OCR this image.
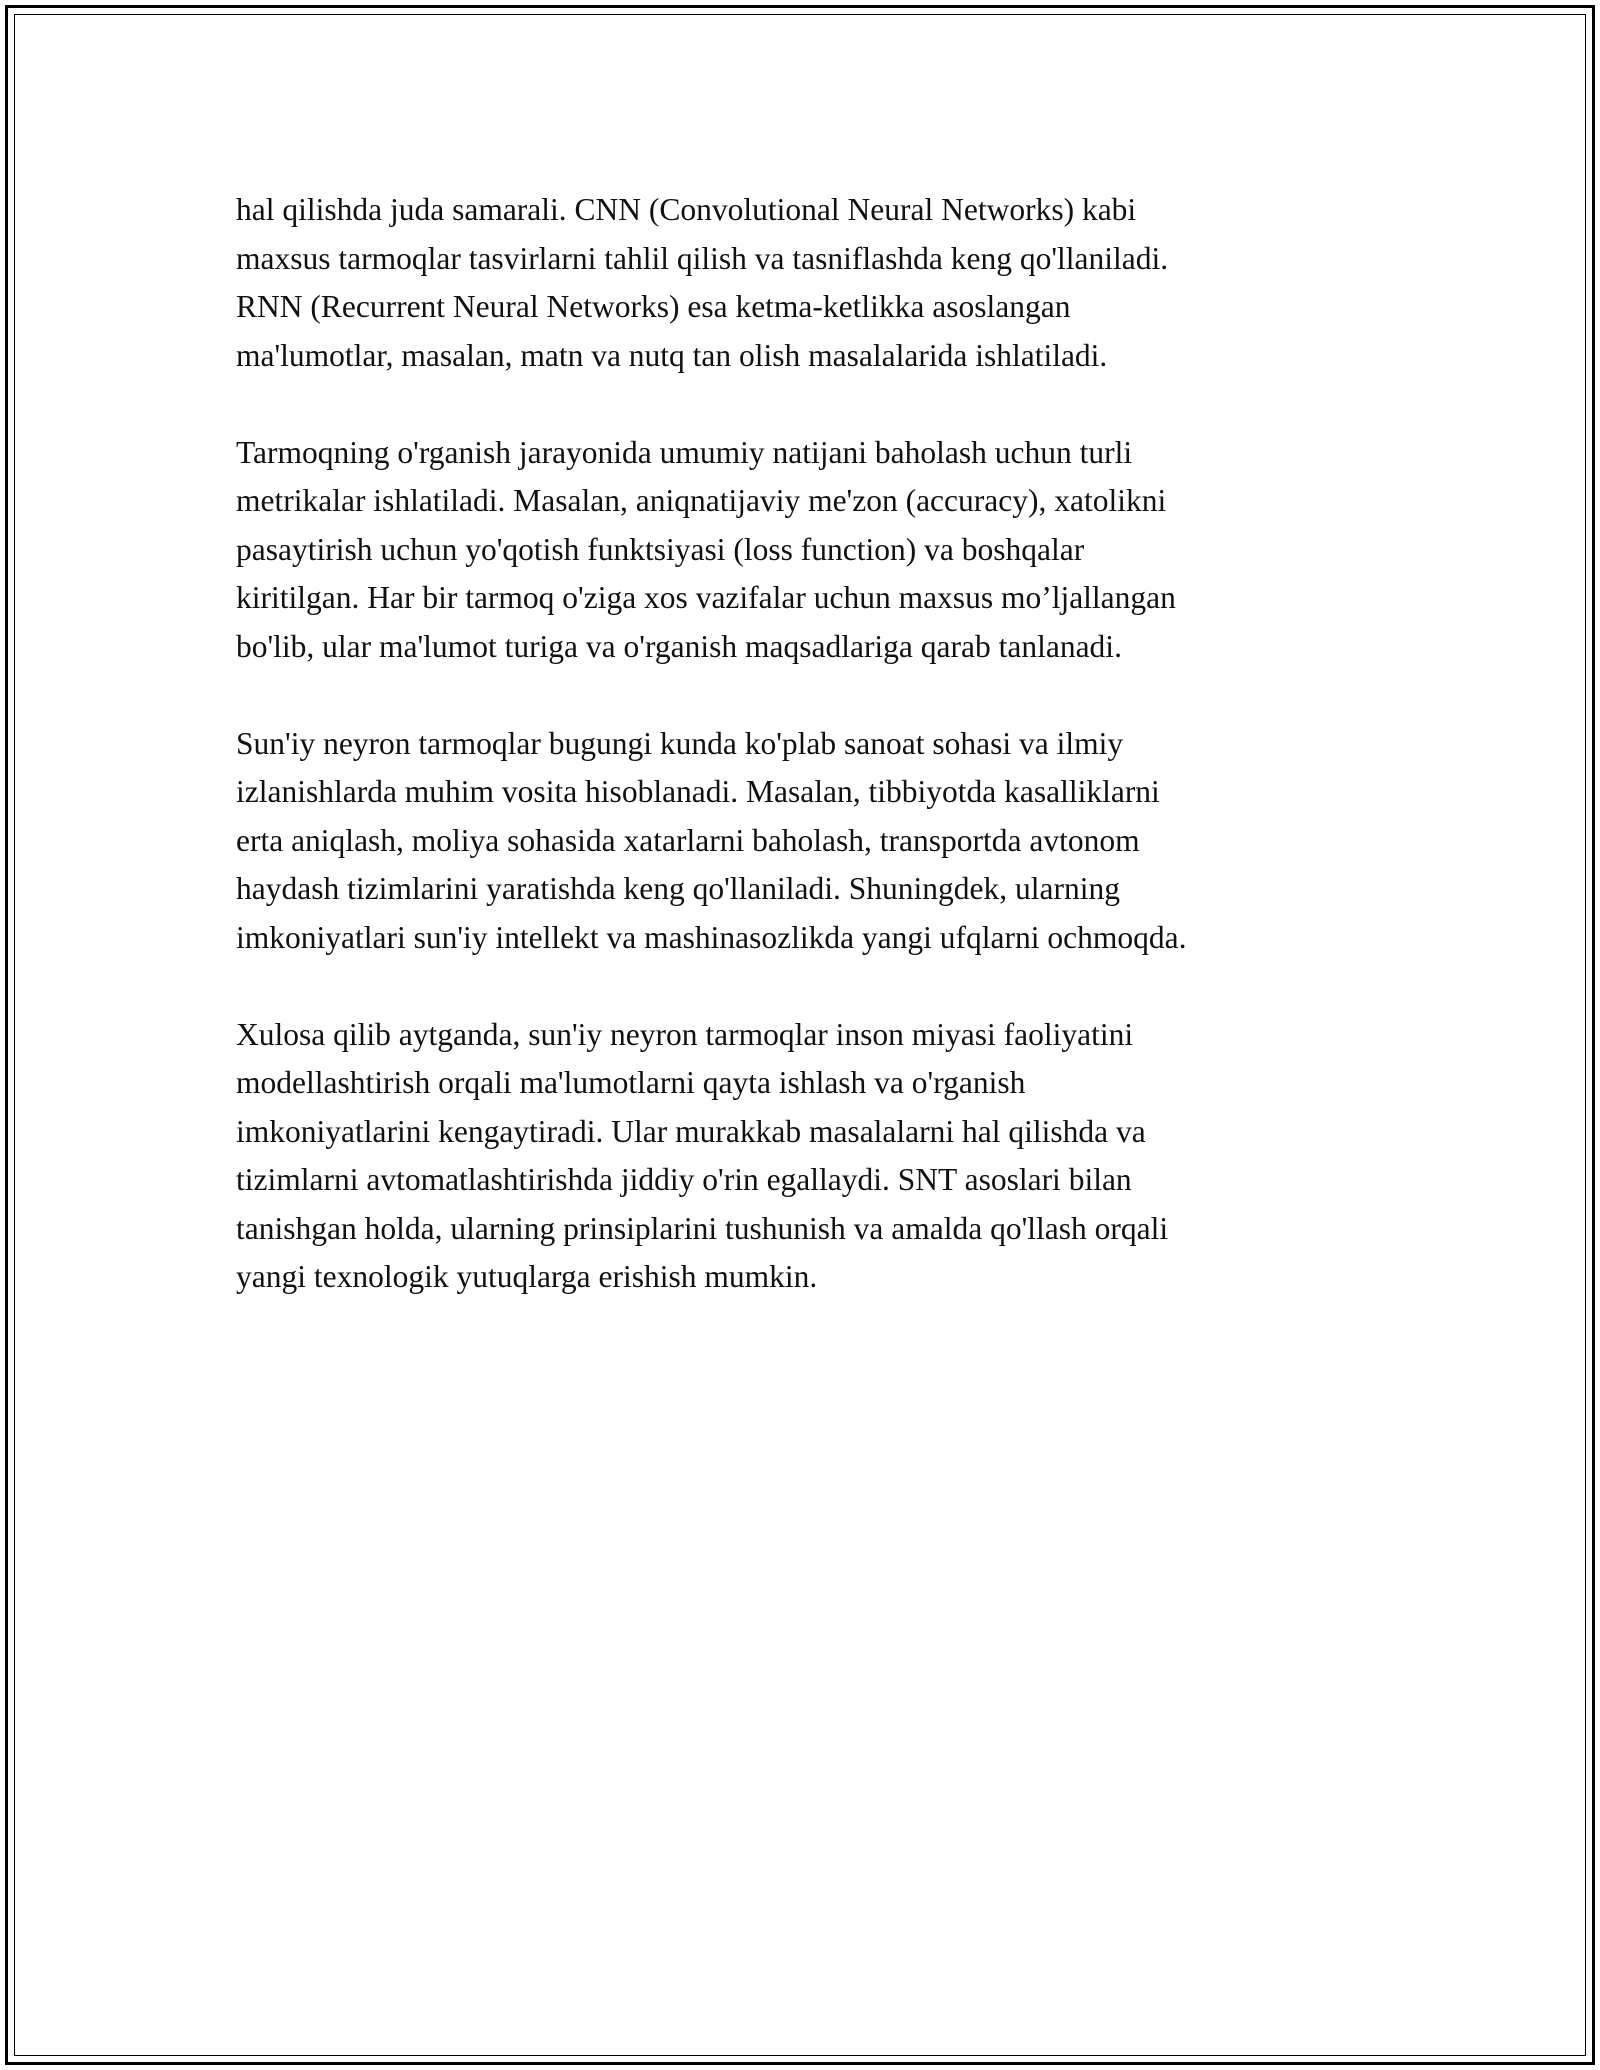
hal qilishda juda samarali. CNN (Convolutional Neural Networks) kabi
maxsus tarmoqlar tasvirlarni tahlil qilish va tasniflashda keng qo'llaniladi.
RNN (Recurrent Neural Networks) esa ketma-ketlikka asoslangan
ma'lumotlar, masalan, matn va nutq tan olish masalalarida ishlatiladi.

Tarmoqning o'rganish jarayonida umumiy natijani baholash uchun turli
metrikalar ishlatiladi. Masalan, aniqnatijaviy me'zon (accuracy), xatolikni
pasaytirish uchun yo'qotish funktsiyasi (loss function) va boshqalar
kiritilgan. Har bir tarmoq o'ziga xos vazifalar uchun maxsus mo’ljallangan
bo'lib, ular ma'lumot turiga va o'rganish maqsadlariga qarab tanlanadi.

Sun'iy neyron tarmoqlar bugungi kunda ko'plab sanoat sohasi va ilmiy
izlanishlarda muhim vosita hisoblanadi. Masalan, tibbiyotda kasalliklarni
erta aniqlash, moliya sohasida xatarlarni baholash, transportda avtonom
haydash tizimlarini yaratishda keng qo'llaniladi. Shuningdek, ularning
imkoniyatlari sun'iy intellekt va mashinasozlikda yangi ufqlarni ochmoqda.

Xulosa qilib aytganda, sun'iy neyron tarmoqlar inson miyasi faoliyatini
modellashtirish orqali ma'lumotlarni qayta ishlash va o'rganish
imkoniyatlarini kengaytiradi. Ular murakkab masalalarni hal qilishda va
tizimlarni avtomatlashtirishda jiddiy o'rin egallaydi. SNT asoslari bilan
tanishgan holda, ularning prinsiplarini tushunish va amalda qo'llash orqali
yangi texnologik yutuqlarga erishish mumkin.
